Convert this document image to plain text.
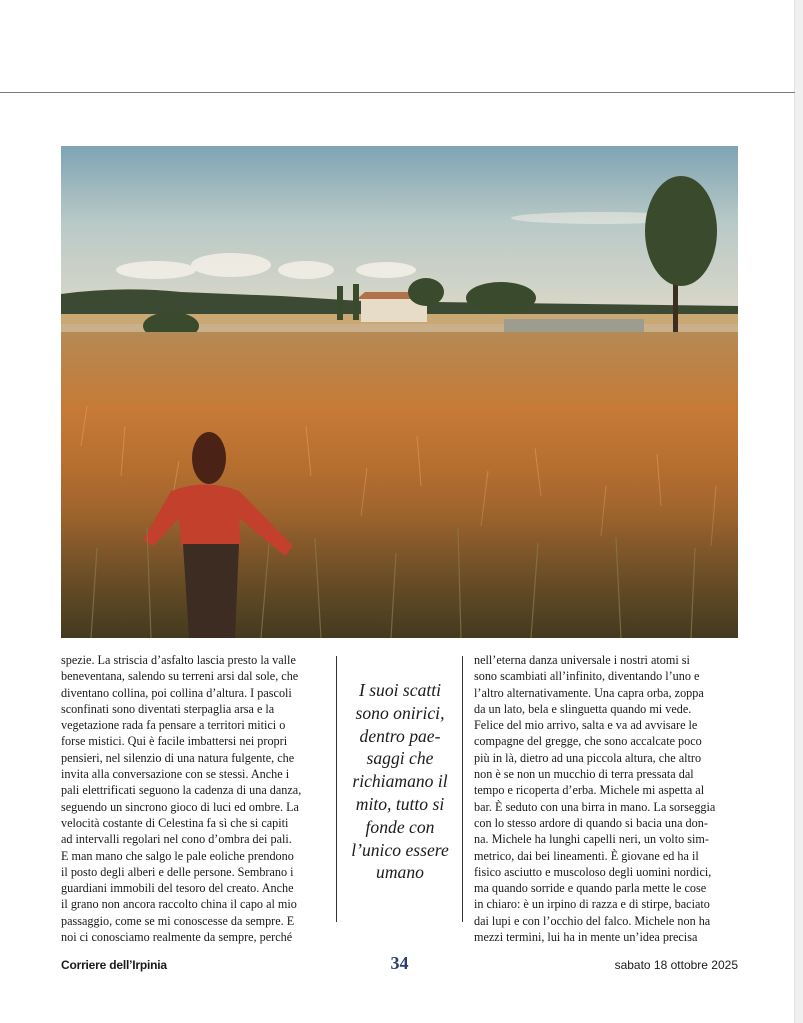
spezie. La striscia d’asfalto lascia presto la valle

beneventana, salendo su terreni arsi dal sole, che

diventano collina, poi collina d’altura. I pascoli

sconfinati sono diventati sterpaglia arsa e la

vegetazione rada fa pensare a territori mitici o

forse mistici. Qui è facile imbattersi nei propri

pensieri, nel silenzio di una natura fulgente, che

invita alla conversazione con se stessi. Anche i

pali elettrificati seguono la cadenza di una danza,

seguendo un sincrono gioco di luci ed ombre. La

velocità costante di Celestina fa sì che si capiti

ad intervalli regolari nel cono d’ombra dei pali.

E man mano che salgo le pale eoliche prendono

il posto degli alberi e delle persone. Sembrano i

guardiani immobili del tesoro del creato. Anche

il grano non ancora raccolto china il capo al mio

passaggio, come se mi conoscesse da sempre. E

noi ci conosciamo realmente da sempre, perché

I suoi scatti
sono onirici,
dentro pae-
saggi che
richiamano il
mito, tutto si
fonde con
l’unico essere
umano

nell’eterna danza universale i nostri atomi si

sono scambiati all’infinito, diventando l’uno e

l’altro alternativamente. Una capra orba, zoppa

da un lato, bela e slinguetta quando mi vede.

Felice del mio arrivo, salta e va ad avvisare le

compagne del gregge, che sono accalcate poco

più in là, dietro ad una piccola altura, che altro

non è se non un mucchio di terra pressata dal

tempo e ricoperta d’erba. Michele mi aspetta al

bar. È seduto con una birra in mano. La sorseggia

con lo stesso ardore di quando si bacia una don-

na. Michele ha lunghi capelli neri, un volto sim-

metrico, dai bei lineamenti. È giovane ed ha il

fisico asciutto e muscoloso degli uomini nordici,

ma quando sorride e quando parla mette le cose

in chiaro: è un irpino di razza e di stirpe, baciato

dai lupi e con l’occhio del falco. Michele non ha

mezzi termini, lui ha in mente un’idea precisa

Corriere dell’Irpinia	34	sabato 18 ottobre 2025
